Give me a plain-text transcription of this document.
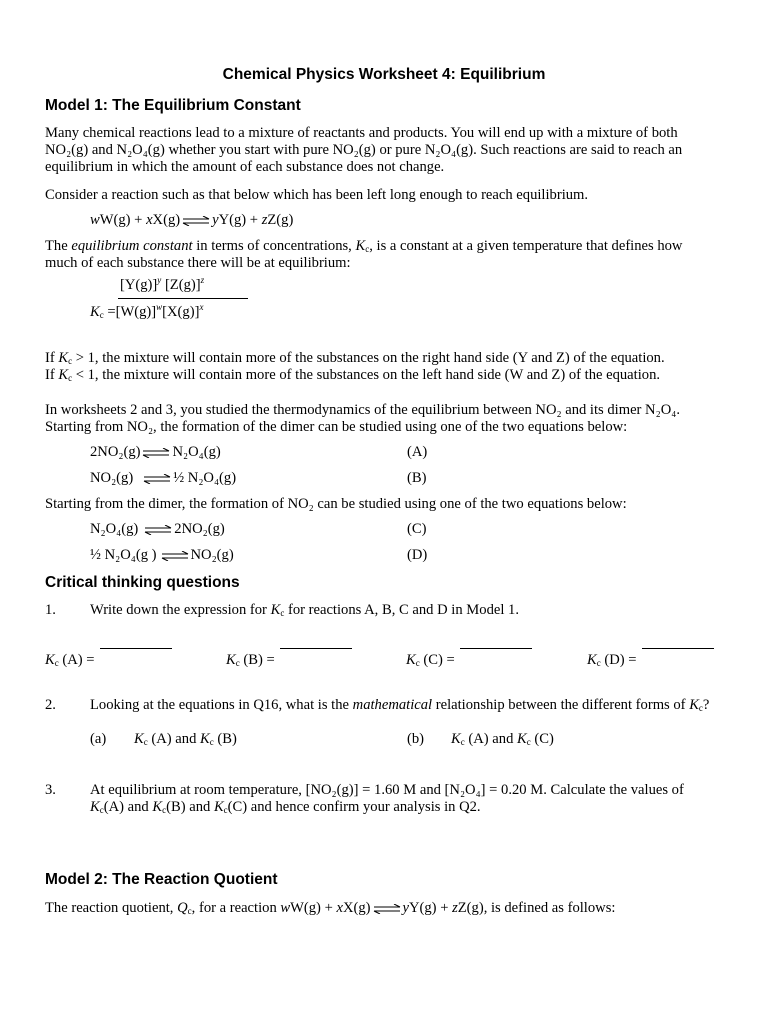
Chemical Physics Worksheet 4: Equilibrium
Model 1: The Equilibrium Constant
Many chemical reactions lead to a mixture of reactants and products. You will end up with a mixture of both
NO₂(g) and N₂O₄(g) whether you start with pure NO₂(g) or pure N₂O₄(g). Such reactions are said to reach an
equilibrium in which the amount of each substance does not change.
Consider a reaction such as that below which has been left long enough to reach equilibrium.
wW(g) + xX(g) yY(g) + zZ(g)
The equilibrium constant in terms of concentrations, $K_c$, is a constant at a given temperature that defines how
much of each substance there will be at equilibrium:
$[Y(g)]^y$ $[Z(g)]^z$
$K_c =[W(g)]^w[X(g)]^x$
If $K_c > 1$, the mixture will contain more of the substances on the right hand side (Y and Z) of the equation.
If $K_c < 1$, the mixture will contain more of the substances on the left hand side (W and Z) of the equation.
In worksheets 2 and 3, you studied the thermodynamics of the equilibrium between NO₂ and its dimer N₂O₄.
Starting from NO₂, the formation of the dimer can be studied using one of the two equations below:
2NO₂(g) N₂O₄(g)	(A)
NO₂(g)	½ N₂O₄(g)	(B)
Starting from the dimer, the formation of NO₂ can be studied using one of the two equations below:
N₂O₄(g) 2NO₂(g)	(C)
½ N₂O₄(g ) NO₂(g)	(D)
Critical thinking questions
1. Write down the expression for $K_c$ for reactions A, B, C and D in Model 1.
$K_c$ (A) =	$K_c$ (B) =	$K_c$ (C) =	$K_c$ (D) =
2. Looking at the equations in Q16, what is the mathematical relationship between the different forms of $K_c$?
(a) $K_c$ (A) and $K_c$ (B)	(b) $K_c$ (A) and $K_c$ (C)
3. At equilibrium at room temperature, [NO₂(g)] = 1.60 M and [N₂O₄] = 0.20 M. Calculate the values of
$K_c(A)$ and $K_c(B)$ and $K_c(C)$ and hence confirm your analysis in Q2.
Model 2: The Reaction Quotient
The reaction quotient, $Q_c$, for a reaction wW(g) + xX(g) yY(g) + zZ(g), is defined as follows:
